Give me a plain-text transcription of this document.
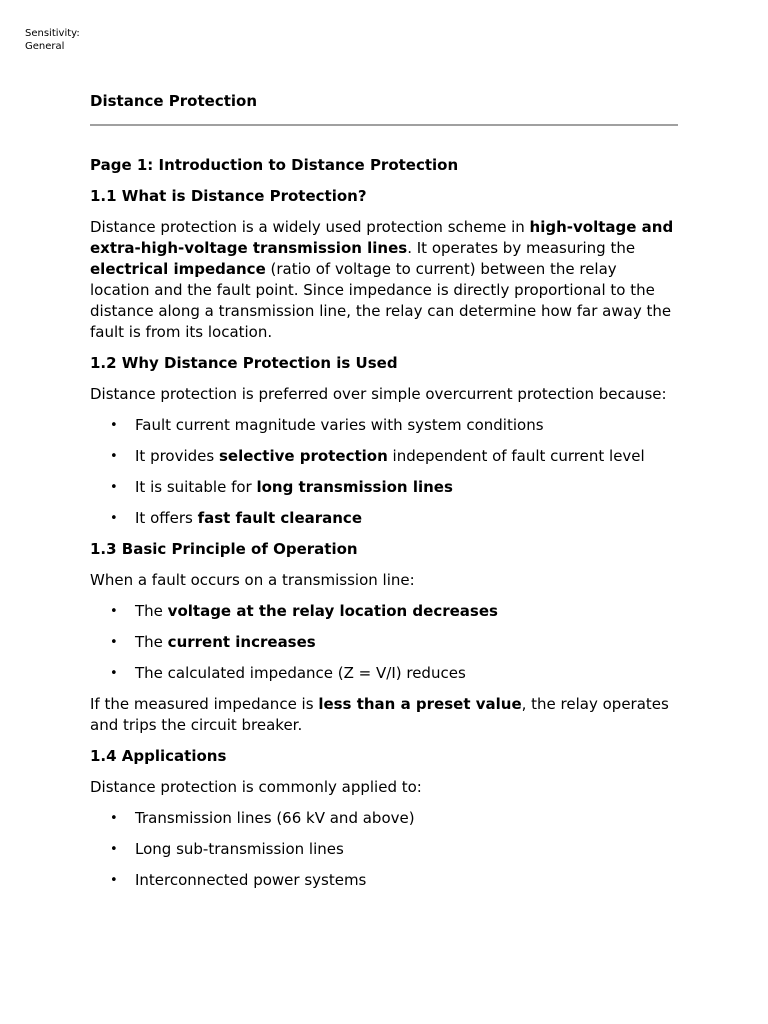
Sensitivity:
General
Distance Protection
Page 1: Introduction to Distance Protection
1.1 What is Distance Protection?

Distance protection is a widely used protection scheme in high-voltage and extra-high-voltage transmission lines. It operates by measuring the electrical impedance (ratio of voltage to current) between the relay location and the fault point. Since impedance is directly proportional to the distance along a transmission line, the relay can determine how far away the fault is from its location.

1.2 Why Distance Protection is Used

Distance protection is preferred over simple overcurrent protection because:

• Fault current magnitude varies with system conditions
• It provides selective protection independent of fault current level
• It is suitable for long transmission lines
• It offers fast fault clearance
1.3 Basic Principle of Operation

When a fault occurs on a transmission line:

• The voltage at the relay location decreases
• The current increases
• The calculated impedance (Z = V/I) reduces

If the measured impedance is less than a preset value, the relay operates and trips the circuit breaker.

1.4 Applications

Distance protection is commonly applied to:

• Transmission lines (66 kV and above)
• Long sub-transmission lines
• Interconnected power systems
